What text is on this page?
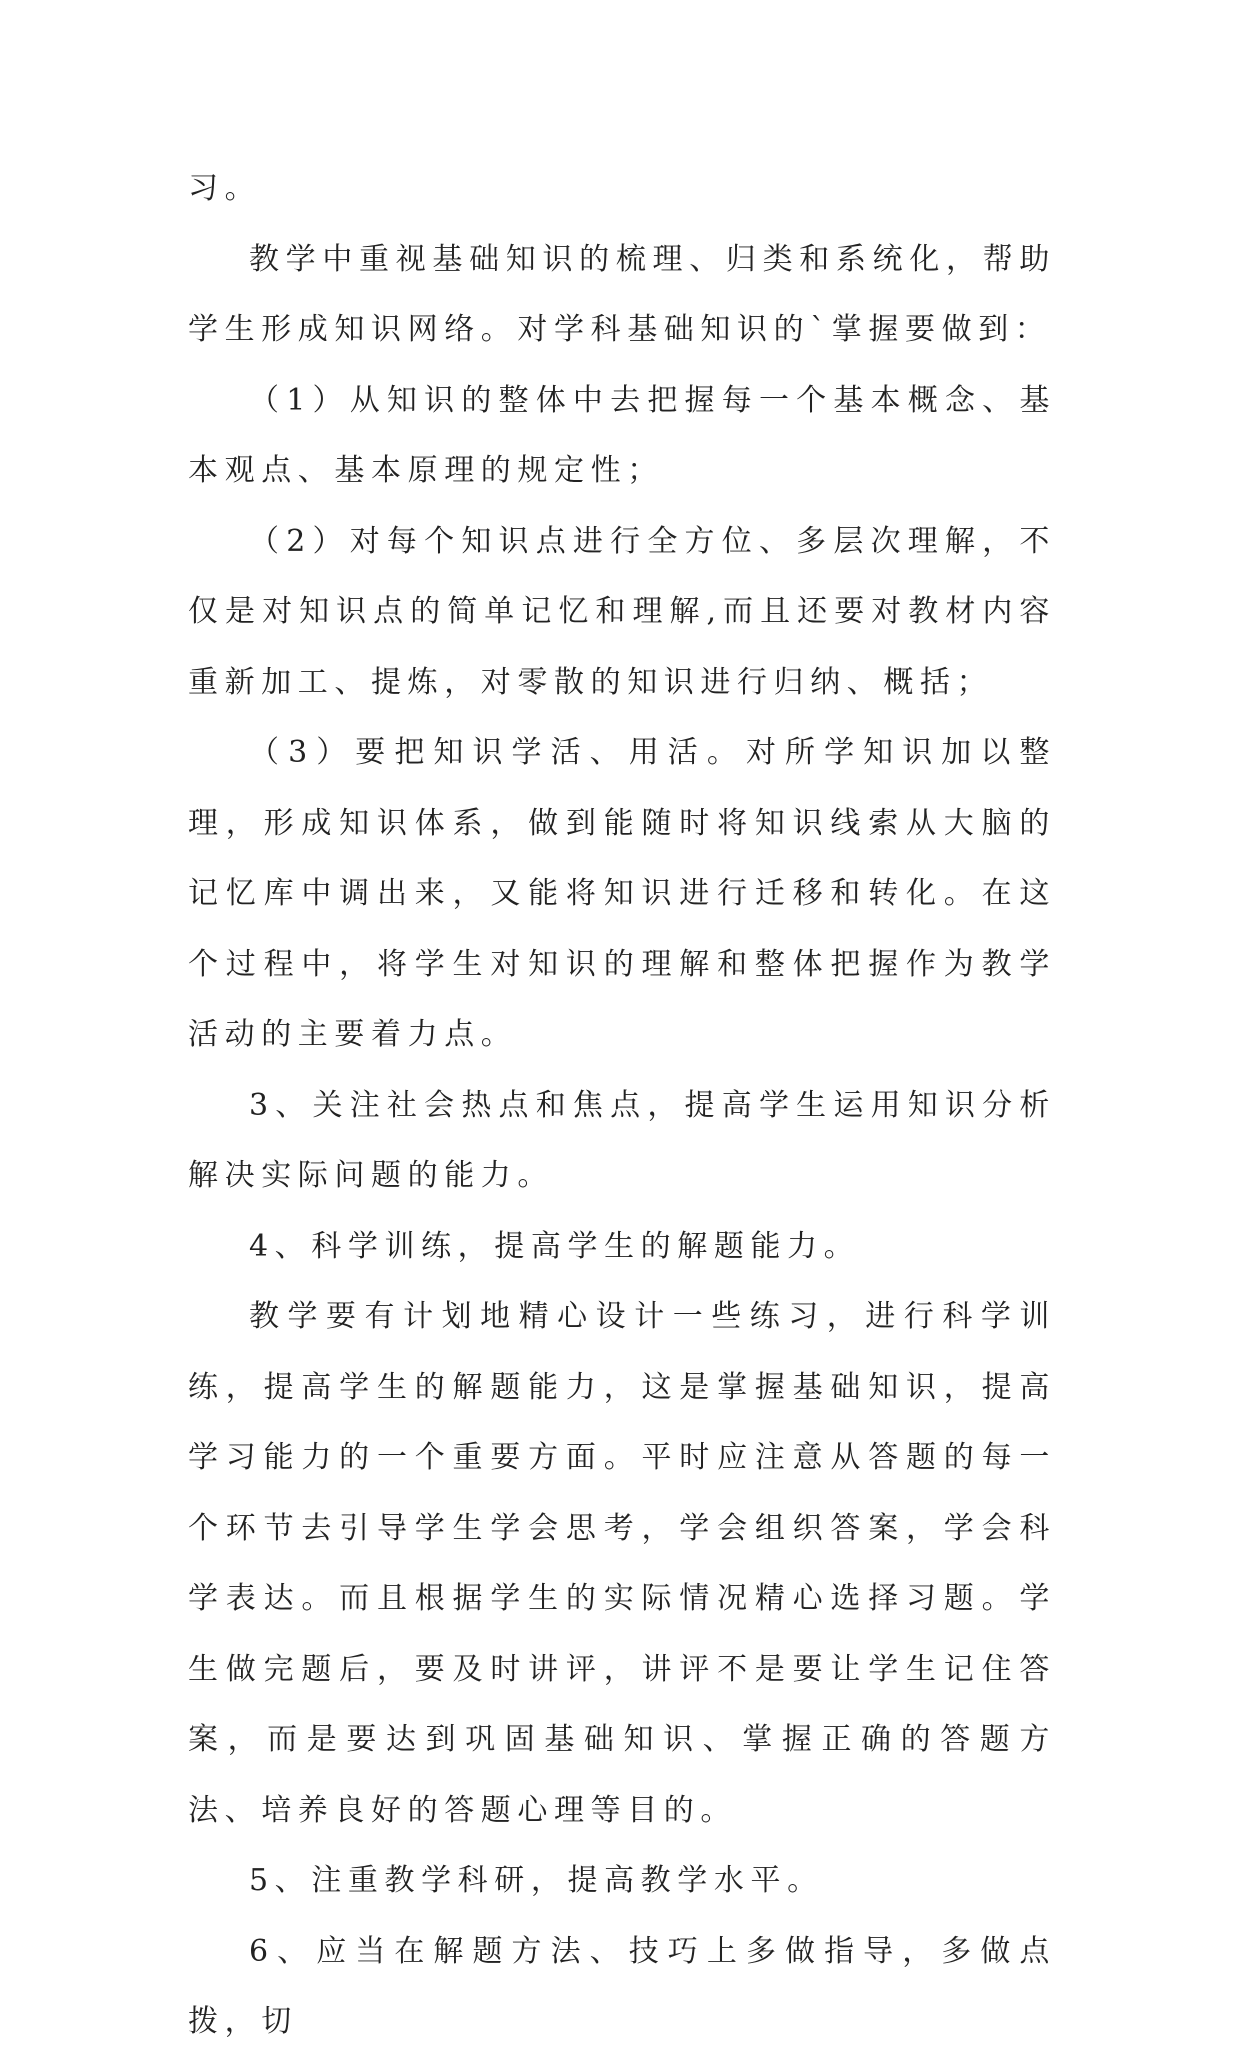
习。

教学中重视基础知识的梳理、归类和系统化，帮助学生形成知识网络。对学科基础知识的`掌握要做到：

（1）从知识的整体中去把握每一个基本概念、基本观点、基本原理的规定性；

（2）对每个知识点进行全方位、多层次理解，不仅是对知识点的简单记忆和理解,而且还要对教材内容重新加工、提炼，对零散的知识进行归纳、概括；

（3）要把知识学活、用活。对所学知识加以整理，形成知识体系，做到能随时将知识线索从大脑的记忆库中调出来，又能将知识进行迁移和转化。在这个过程中，将学生对知识的理解和整体把握作为教学活动的主要着力点。

3、关注社会热点和焦点，提高学生运用知识分析解决实际问题的能力。

4、科学训练，提高学生的解题能力。

教学要有计划地精心设计一些练习，进行科学训练，提高学生的解题能力，这是掌握基础知识，提高学习能力的一个重要方面。平时应注意从答题的每一个环节去引导学生学会思考，学会组织答案，学会科学表达。而且根据学生的实际情况精心选择习题。学生做完题后，要及时讲评，讲评不是要让学生记住答案，而是要达到巩固基础知识、掌握正确的答题方法、培养良好的答题心理等目的。

5、注重教学科研，提高教学水平。

6、应当在解题方法、技巧上多做指导，多做点拨，切
